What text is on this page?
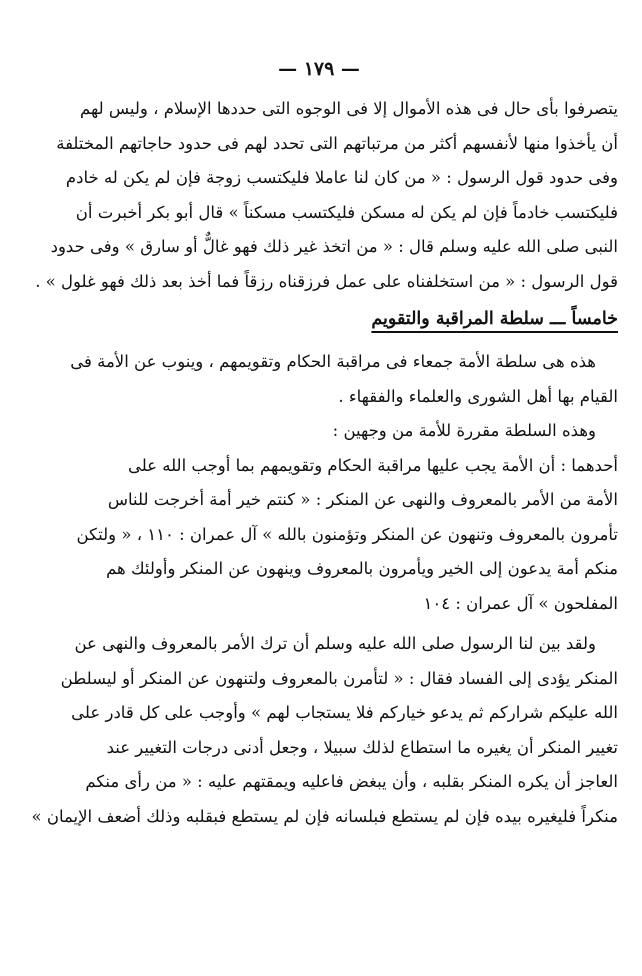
— ١٧٩ —
يتصرفوا بأى حال فى هذه الأموال إلا فى الوجوه التى حددها الإسلام ، وليس لهم
أن يأخذوا منها لأنفسهم أكثر من مرتباتهم التى تحدد لهم فى حدود حاجاتهم المختلفة
وفى حدود قول الرسول : « من كان لنا عاملا فليكتسب زوجة فإن لم يكن له خادم
فليكتسب خادماً فإن لم يكن له مسكن فليكتسب مسكناً » قال أبو بكر أخبرت أن
النبى صلى الله عليه وسلم قال : « من اتخذ غير ذلك فهو غالٌّ أو سارق » وفى حدود
قول الرسول : « من استخلفناه على عمل فرزقناه رزقاً فما أخذ بعد ذلك فهو غلول » .
خامساً ـــ سلطة المراقبة والتقويم
هذه هى سلطة الأمة جمعاء فى مراقبة الحكام وتقويمهم ، وينوب عن الأمة فى
القيام بها أهل الشورى والعلماء والفقهاء .
وهذه السلطة مقررة للأمة من وجهين :
أحدهما : أن الأمة يجب عليها مراقبة الحكام وتقويمهم بما أوجب الله على
الأمة من الأمر بالمعروف والنهى عن المنكر : « كنتم خير أمة أخرجت للناس
تأمرون بالمعروف وتنهون عن المنكر وتؤمنون بالله » آل عمران : ١١٠ ، « ولتكن
منكم أمة يدعون إلى الخير ويأمرون بالمعروف وينهون عن المنكر وأولئك هم
المفلحون » آل عمران : ١٠٤
ولقد بين لنا الرسول صلى الله عليه وسلم أن ترك الأمر بالمعروف والنهى عن
المنكر يؤدى إلى الفساد فقال : « لتأمرن بالمعروف ولتنهون عن المنكر أو ليسلطن
الله عليكم شراركم ثم يدعو خياركم فلا يستجاب لهم » وأوجب على كل قادر على
تغيير المنكر أن يغيره ما استطاع لذلك سبيلا ، وجعل أدنى درجات التغيير عند
العاجز أن يكره المنكر بقلبه ، وأن يبغض فاعليه ويمقتهم عليه : « من رأى منكم
منكراً فليغيره بيده فإن لم يستطع فبلسانه فإن لم يستطع فبقلبه وذلك أضعف الإيمان »
